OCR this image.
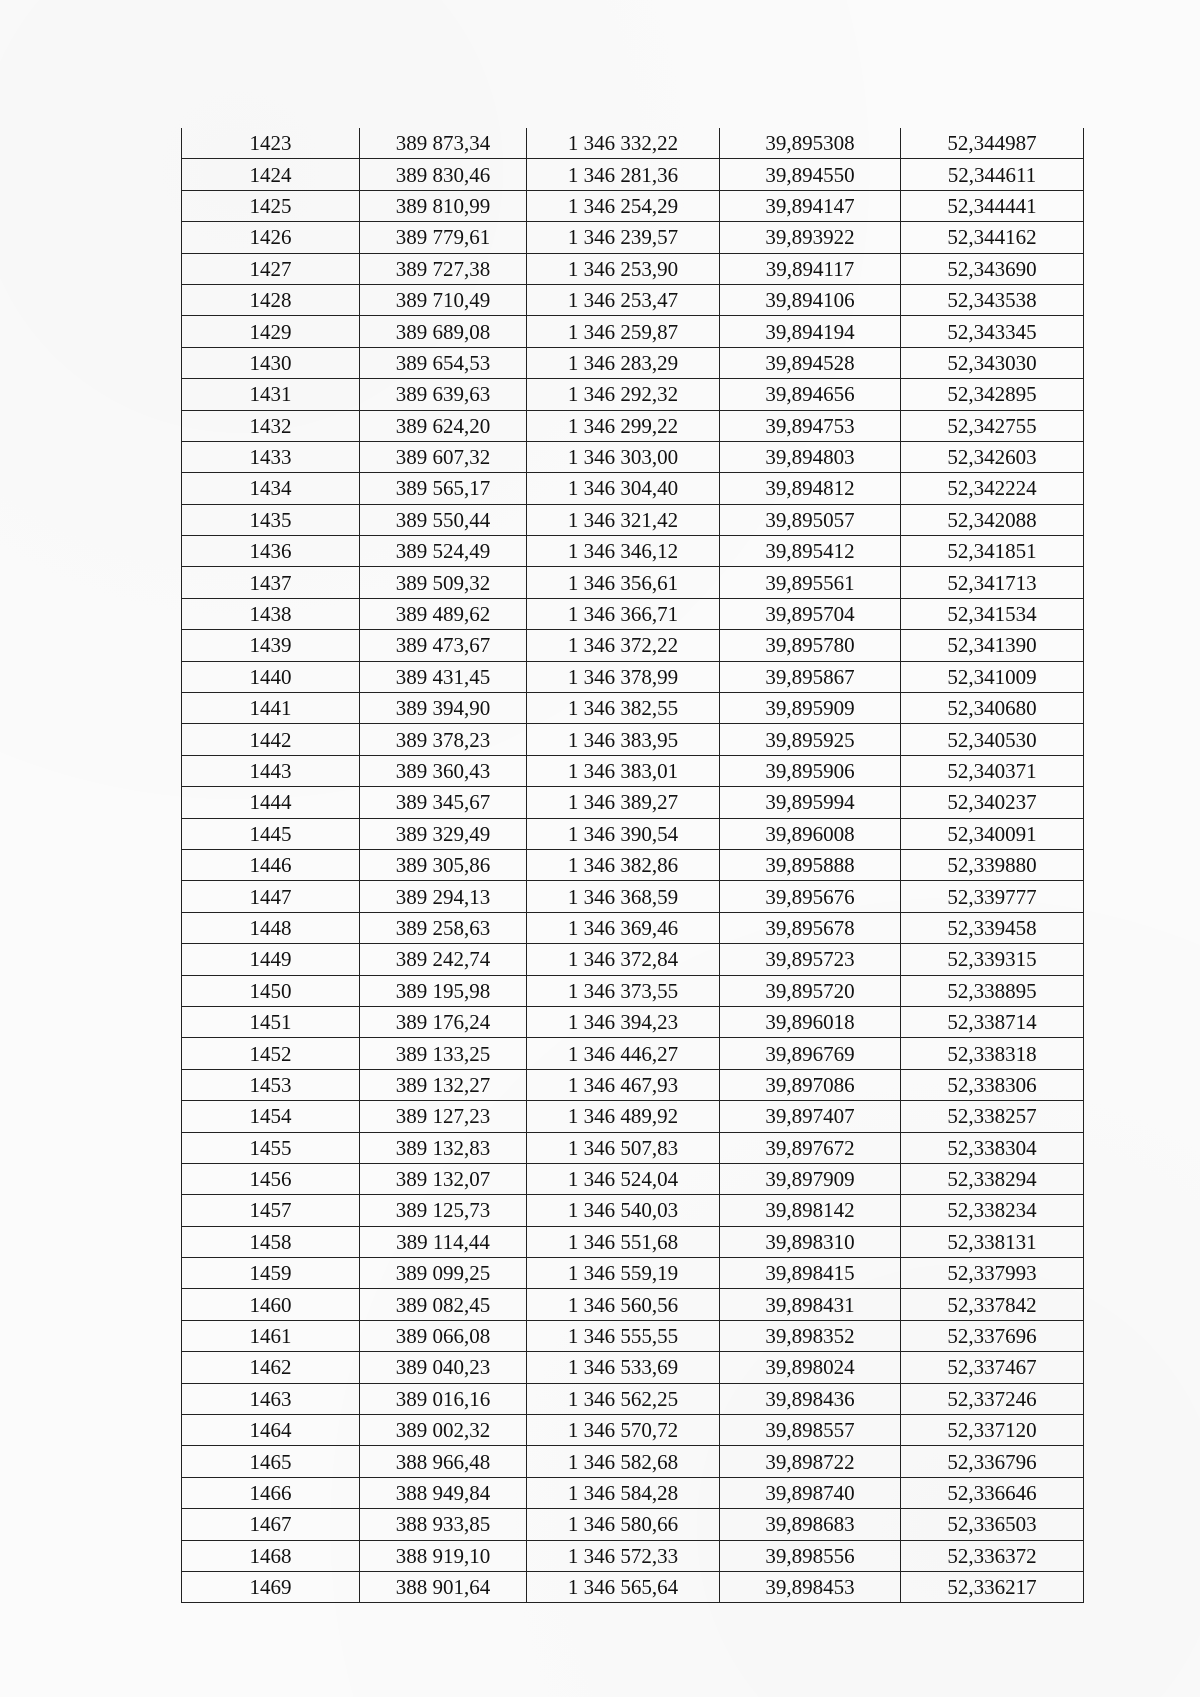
1423	389 873,34	1 346 332,22	39,895308	52,344987
1424	389 830,46	1 346 281,36	39,894550	52,344611
1425	389 810,99	1 346 254,29	39,894147	52,344441
1426	389 779,61	1 346 239,57	39,893922	52,344162
1427	389 727,38	1 346 253,90	39,894117	52,343690
1428	389 710,49	1 346 253,47	39,894106	52,343538
1429	389 689,08	1 346 259,87	39,894194	52,343345
1430	389 654,53	1 346 283,29	39,894528	52,343030
1431	389 639,63	1 346 292,32	39,894656	52,342895
1432	389 624,20	1 346 299,22	39,894753	52,342755
1433	389 607,32	1 346 303,00	39,894803	52,342603
1434	389 565,17	1 346 304,40	39,894812	52,342224
1435	389 550,44	1 346 321,42	39,895057	52,342088
1436	389 524,49	1 346 346,12	39,895412	52,341851
1437	389 509,32	1 346 356,61	39,895561	52,341713
1438	389 489,62	1 346 366,71	39,895704	52,341534
1439	389 473,67	1 346 372,22	39,895780	52,341390
1440	389 431,45	1 346 378,99	39,895867	52,341009
1441	389 394,90	1 346 382,55	39,895909	52,340680
1442	389 378,23	1 346 383,95	39,895925	52,340530
1443	389 360,43	1 346 383,01	39,895906	52,340371
1444	389 345,67	1 346 389,27	39,895994	52,340237
1445	389 329,49	1 346 390,54	39,896008	52,340091
1446	389 305,86	1 346 382,86	39,895888	52,339880
1447	389 294,13	1 346 368,59	39,895676	52,339777
1448	389 258,63	1 346 369,46	39,895678	52,339458
1449	389 242,74	1 346 372,84	39,895723	52,339315
1450	389 195,98	1 346 373,55	39,895720	52,338895
1451	389 176,24	1 346 394,23	39,896018	52,338714
1452	389 133,25	1 346 446,27	39,896769	52,338318
1453	389 132,27	1 346 467,93	39,897086	52,338306
1454	389 127,23	1 346 489,92	39,897407	52,338257
1455	389 132,83	1 346 507,83	39,897672	52,338304
1456	389 132,07	1 346 524,04	39,897909	52,338294
1457	389 125,73	1 346 540,03	39,898142	52,338234
1458	389 114,44	1 346 551,68	39,898310	52,338131
1459	389 099,25	1 346 559,19	39,898415	52,337993
1460	389 082,45	1 346 560,56	39,898431	52,337842
1461	389 066,08	1 346 555,55	39,898352	52,337696
1462	389 040,23	1 346 533,69	39,898024	52,337467
1463	389 016,16	1 346 562,25	39,898436	52,337246
1464	389 002,32	1 346 570,72	39,898557	52,337120
1465	388 966,48	1 346 582,68	39,898722	52,336796
1466	388 949,84	1 346 584,28	39,898740	52,336646
1467	388 933,85	1 346 580,66	39,898683	52,336503
1468	388 919,10	1 346 572,33	39,898556	52,336372
1469	388 901,64	1 346 565,64	39,898453	52,336217
